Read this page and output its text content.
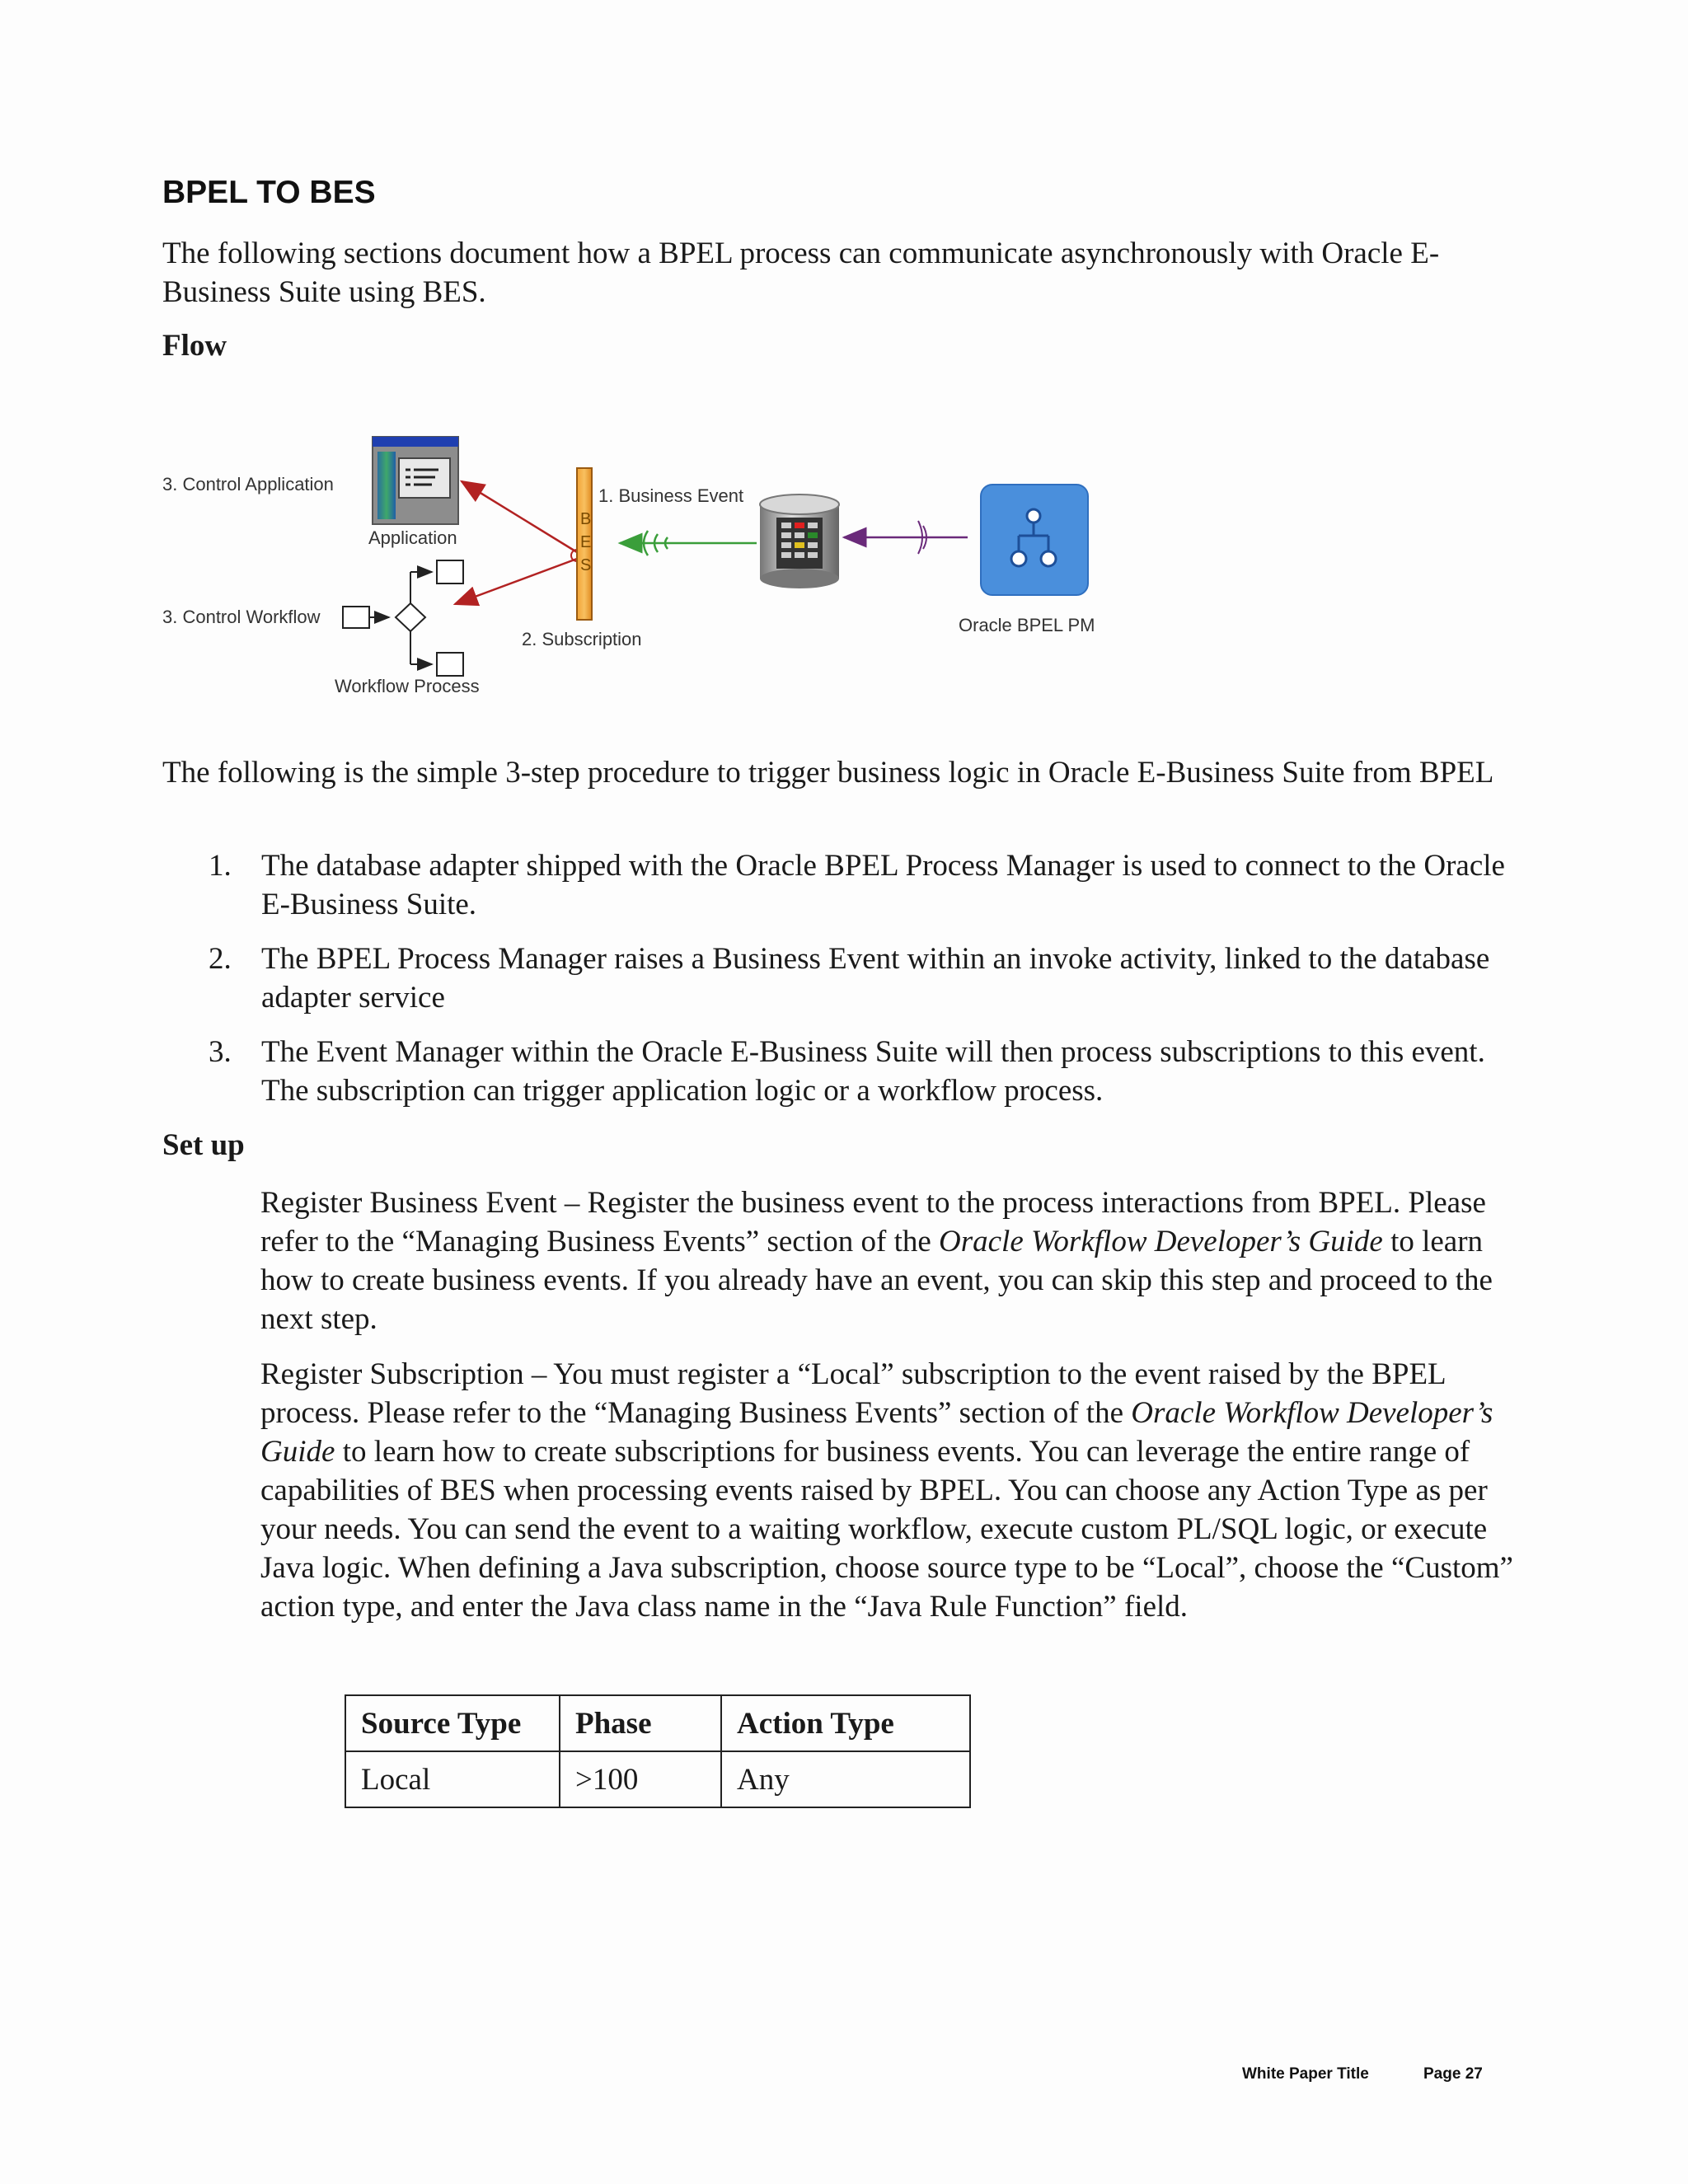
BPEL TO BES
The following sections document how a BPEL process can communicate asynchronously with Oracle E-Business Suite using BES.
Flow
3. Control Application
Application
3. Control Workflow
Workflow Process
B
E
S
1. Business Event
2. Subscription
Oracle BPEL PM
The following is the simple 3-step procedure to trigger business logic in Oracle E-Business Suite from BPEL
1. The database adapter shipped with the Oracle BPEL Process Manager is used to connect to the Oracle E-Business Suite.
2. The BPEL Process Manager raises a Business Event within an invoke activity, linked to the database adapter service
3. The Event Manager within the Oracle E-Business Suite will then process subscriptions to this event. The subscription can trigger application logic or a workflow process.
Set up
Register Business Event – Register the business event to the process interactions from BPEL. Please refer to the “Managing Business Events” section of the Oracle Workflow Developer’s Guide to learn how to create business events. If you already have an event, you can skip this step and proceed to the next step.
Register Subscription – You must register a “Local” subscription to the event raised by the BPEL process. Please refer to the “Managing Business Events” section of the Oracle Workflow Developer’s Guide to learn how to create subscriptions for business events. You can leverage the entire range of capabilities of BES when processing events raised by BPEL. You can choose any Action Type as per your needs. You can send the event to a waiting workflow, execute custom PL/SQL logic, or execute Java logic. When defining a Java subscription, choose source type to be “Local”, choose the “Custom” action type, and enter the Java class name in the “Java Rule Function” field.
Source Type	Phase	Action Type
Local	>100	Any
White Paper Title	Page 27
